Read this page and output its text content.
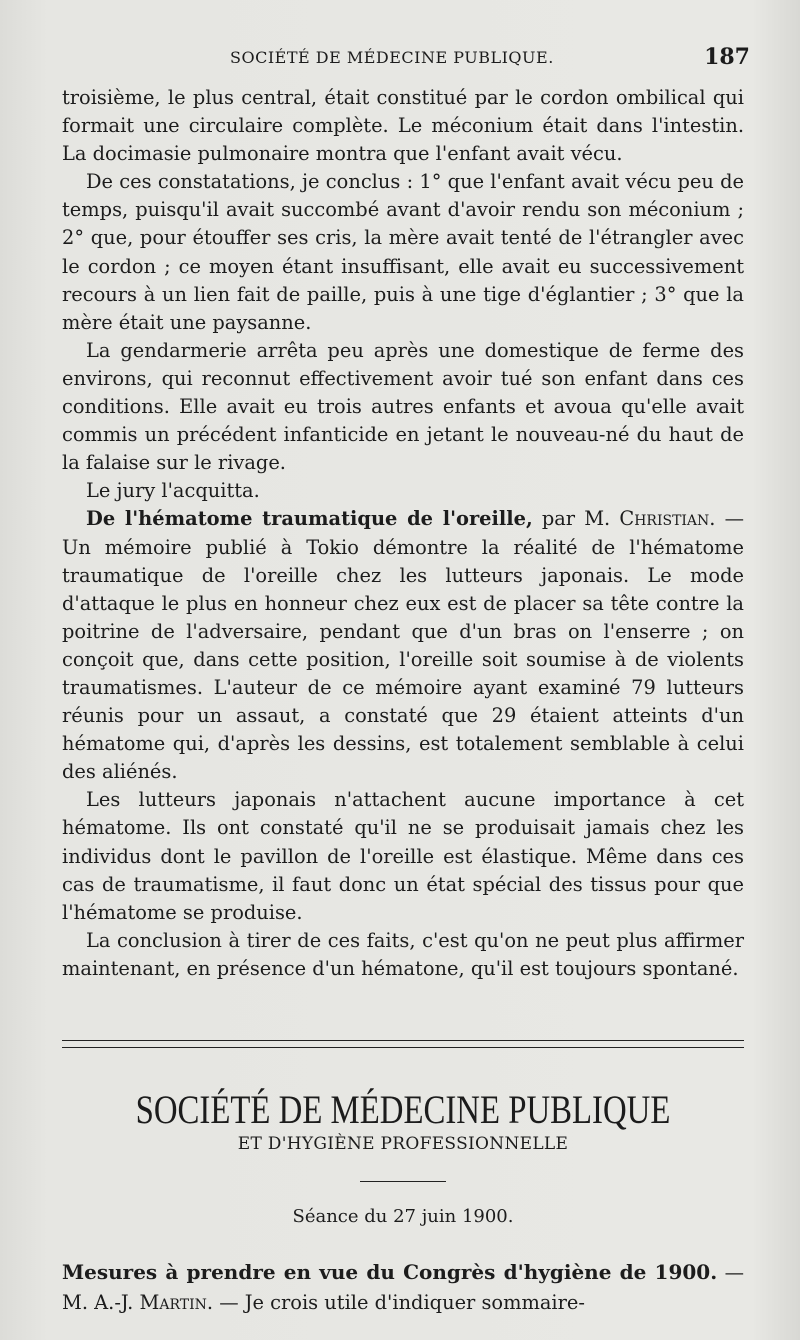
SOCIÉTÉ DE MÉDECINE PUBLIQUE.	187

troisième, le plus central, était constitué par le cordon ombilical qui formait une circulaire complète. Le méconium était dans l'intestin. La docimasie pulmonaire montra que l'enfant avait vécu.

De ces constatations, je conclus : 1° que l'enfant avait vécu peu de temps, puisqu'il avait succombé avant d'avoir rendu son méconium ; 2° que, pour étouffer ses cris, la mère avait tenté de l'étrangler avec le cordon ; ce moyen étant insuffisant, elle avait eu successivement recours à un lien fait de paille, puis à une tige d'églantier ; 3° que la mère était une paysanne.

La gendarmerie arrêta peu après une domestique de ferme des environs, qui reconnut effectivement avoir tué son enfant dans ces conditions. Elle avait eu trois autres enfants et avoua qu'elle avait commis un précédent infanticide en jetant le nouveau-né du haut de la falaise sur le rivage.

Le jury l'acquitta.

De l'hématome traumatique de l'oreille, par M. Christian. — Un mémoire publié à Tokio démontre la réalité de l'hématome traumatique de l'oreille chez les lutteurs japonais. Le mode d'attaque le plus en honneur chez eux est de placer sa tête contre la poitrine de l'adversaire, pendant que d'un bras on l'enserre ; on conçoit que, dans cette position, l'oreille soit soumise à de violents traumatismes. L'auteur de ce mémoire ayant examiné 79 lutteurs réunis pour un assaut, a constaté que 29 étaient atteints d'un hématome qui, d'après les dessins, est totalement semblable à celui des aliénés.

Les lutteurs japonais n'attachent aucune importance à cet hématome. Ils ont constaté qu'il ne se produisait jamais chez les individus dont le pavillon de l'oreille est élastique. Même dans ces cas de traumatisme, il faut donc un état spécial des tissus pour que l'hématome se produise.

La conclusion à tirer de ces faits, c'est qu'on ne peut plus affirmer maintenant, en présence d'un hématone, qu'il est toujours spontané.

SOCIÉTÉ DE MÉDECINE PUBLIQUE
ET D'HYGIÈNE PROFESSIONNELLE
Séance du 27 juin 1900.

Mesures à prendre en vue du Congrès d'hygiène de 1900. — M. A.-J. Martin. — Je crois utile d'indiquer sommaire-
